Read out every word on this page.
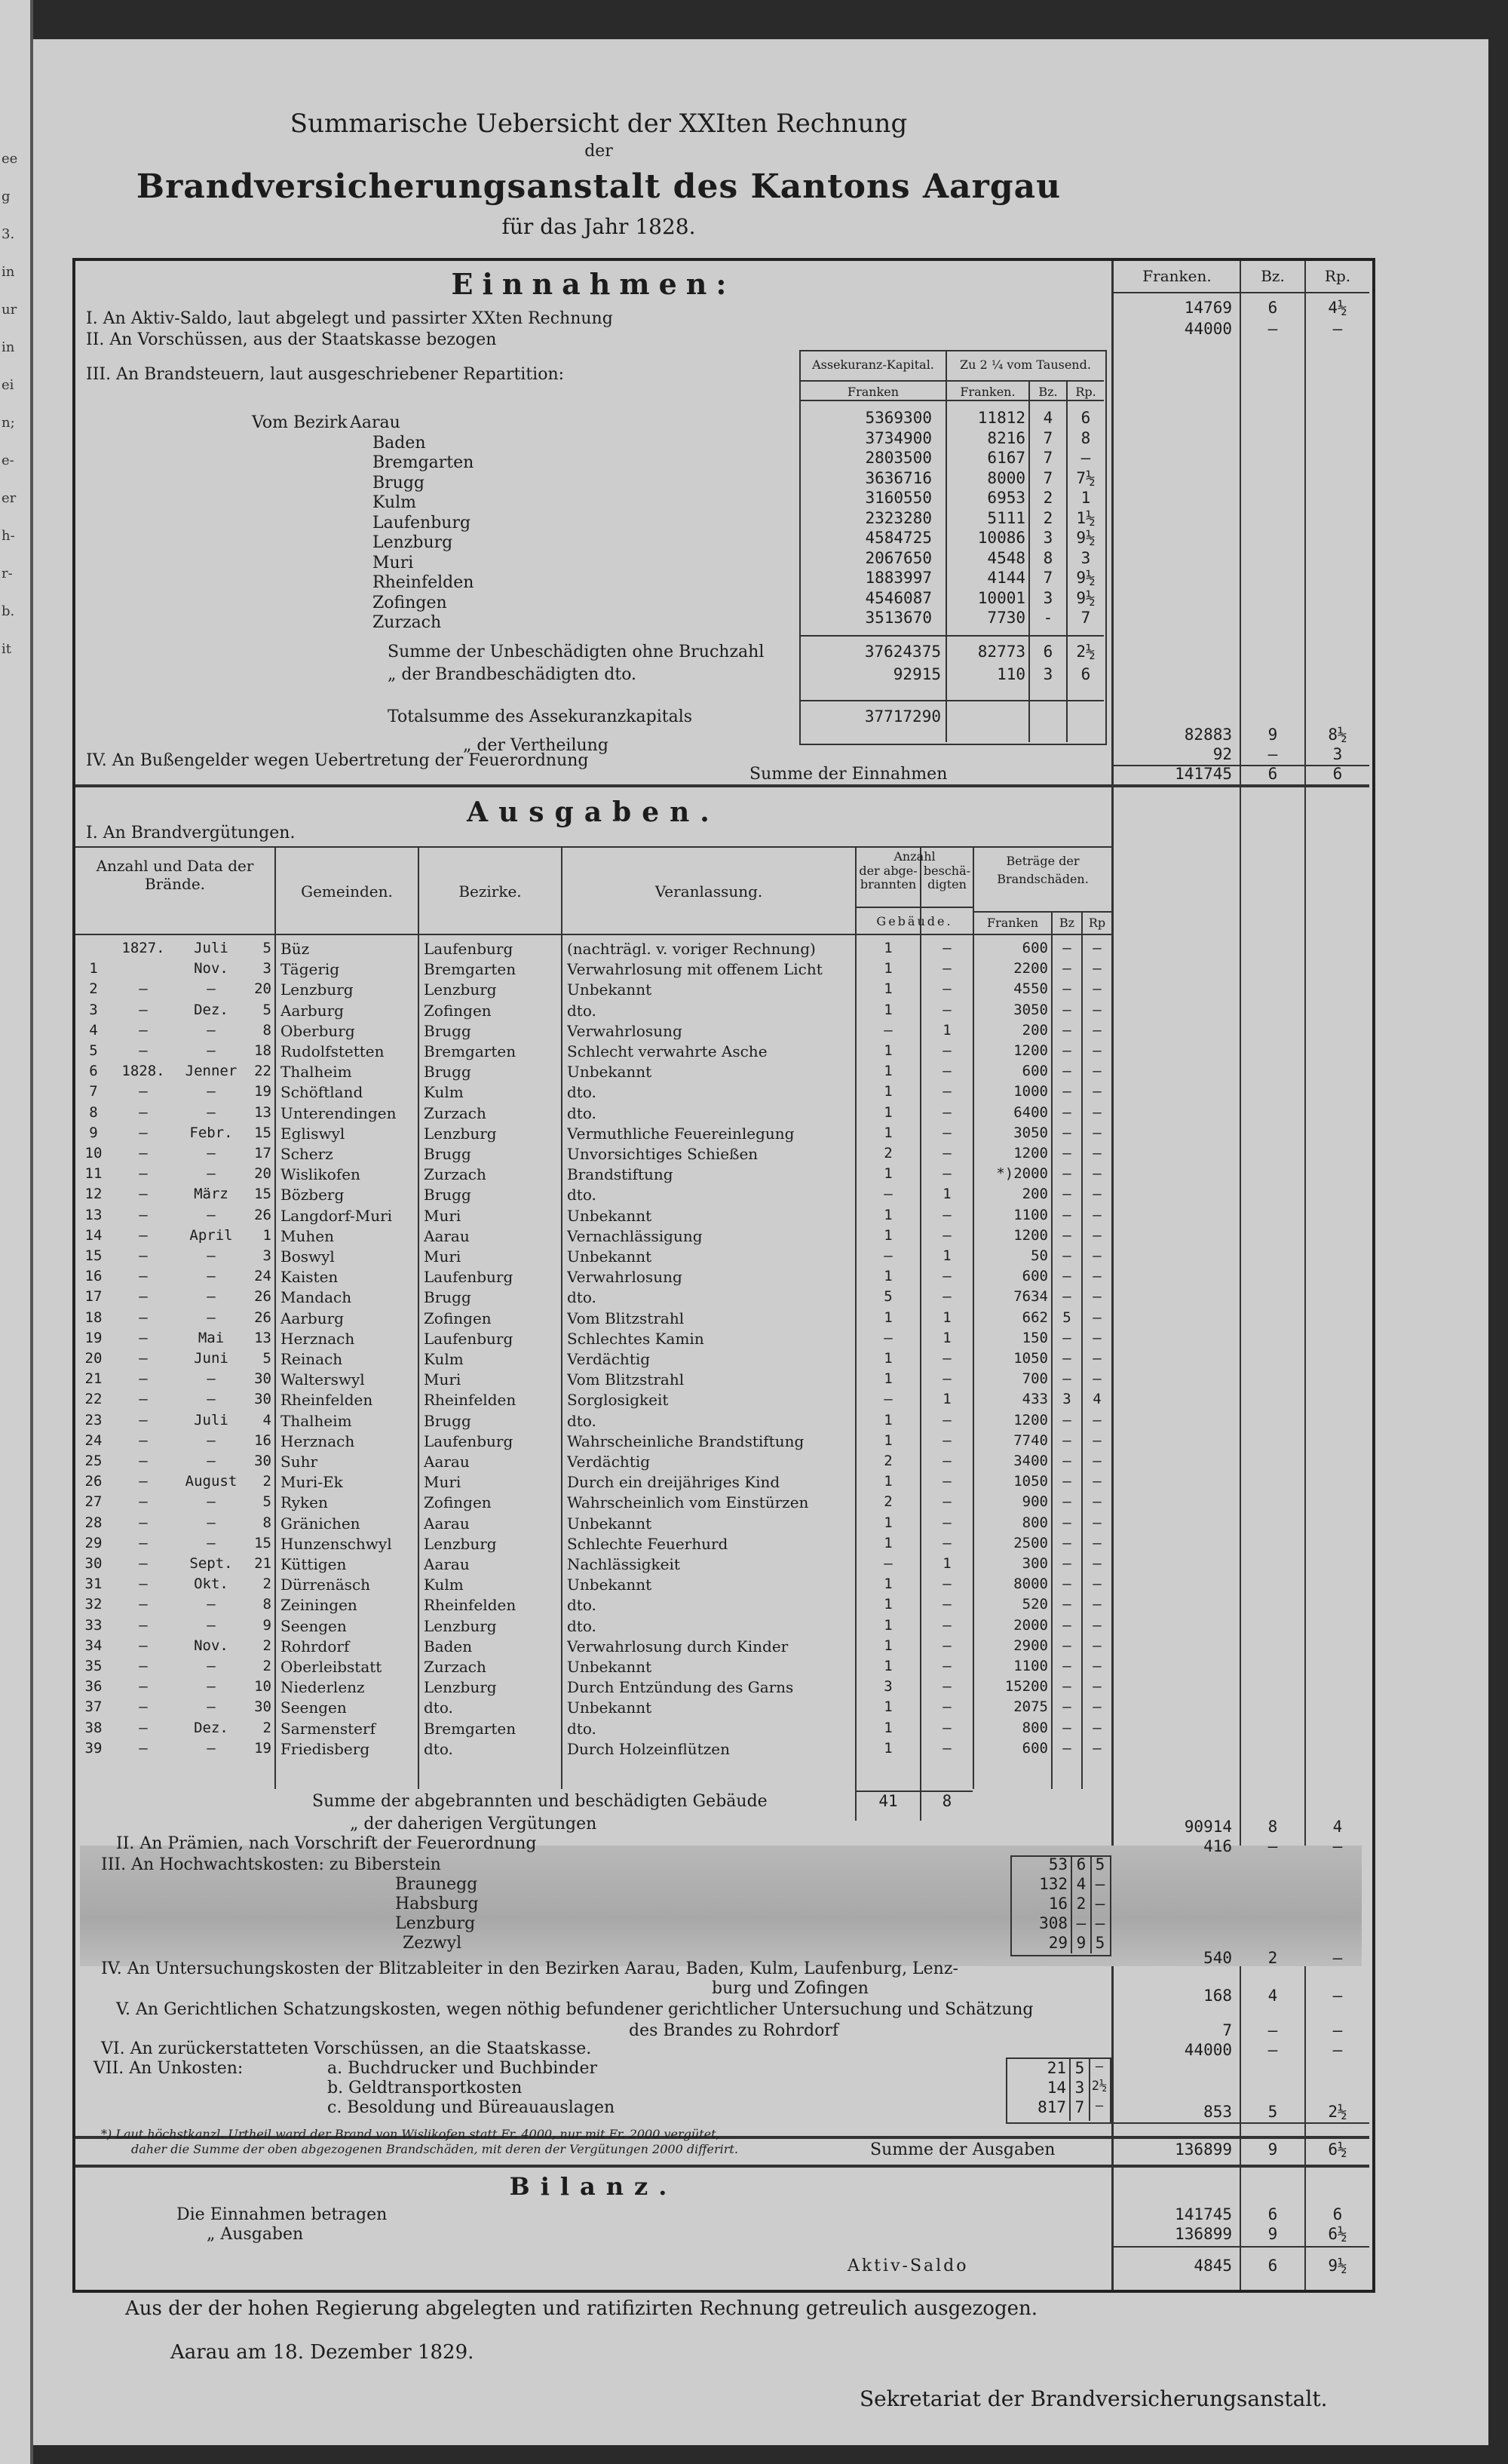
ee
g
3.
in
ur
in
ei
n;
e-
er
h-
r-
b.
it
Summarische Uebersicht der XXIten Rechnung
der
Brandversicherungsanstalt des Kantons Aargau
für das Jahr 1828.
Franken.	Bz.	Rp.
Einnahmen:
I. An Aktiv-Saldo, laut abgelegt und passirter XXten Rechnung
14769	6	4½
II. An Vorschüssen, aus der Staatskasse bezogen
44000	—	—
III. An Brandsteuern, laut ausgeschriebener Repartition:
Assekuranz-Kapital.	Zu 2 ¼ vom Tausend.
Franken	Franken.	Bz.	Rp.
Vom Bezirk Aarau	5369300	11812	4	6
Baden	3734900	8216	7	8
Bremgarten	2803500	6167	7	—
Brugg	3636716	8000	7	7½
Kulm	3160550	6953	2	1
Laufenburg	2323280	5111	2	1½
Lenzburg	4584725	10086	3	9½
Muri	2067650	4548	8	3
Rheinfelden	1883997	4144	7	9½
Zofingen	4546087	10001	3	9½
Zurzach	3513670	7730	-	7
Summe der Unbeschädigten ohne Bruchzahl	37624375	82773	6	2½
„ der Brandbeschädigten dto.	92915	110	3	6
Totalsumme des Assekuranzkapitals	37717290
„ der Vertheilung
82883	9	8½
IV. An Bußengelder wegen Uebertretung der Feuerordnung	92	—	3
Summe der Einnahmen	141745	6	6
Ausgaben.
I. An Brandvergütungen.
Anzahl und Data der Brände.	Gemeinden.	Bezirke.	Veranlassung.
Anzahl
der abge-brannten
beschä-digten
Gebäude.
Beträge der Brandschäden.
Franken	Bz	Rp
1827.	Juli	5 Büz	Laufenburg	(nachträgl. v. voriger Rechnung)	1	—	600	—	—
1	Nov.	3 Tägerig	Bremgarten	Verwahrlosung mit offenem Licht	1	—	2200	—	—
2	—	—	20 Lenzburg	Lenzburg	Unbekannt	1	—	4550	—	—
3	—	Dez.	5 Aarburg	Zofingen	dto.	1	—	3050	—	—
4	—	—	8 Oberburg	Brugg	Verwahrlosung	—	1	200	—	—
5	—	—	18 Rudolfstetten	Bremgarten	Schlecht verwahrte Asche	1	—	1200	—	—
6	1828.	Jenner	22 Thalheim	Brugg	Unbekannt	1	—	600	—	—
7	—	—	19 Schöftland	Kulm	dto.	1	—	1000	—	—
8	—	—	13 Unterendingen	Zurzach	dto.	1	—	6400	—	—
9	—	Febr.	15 Egliswyl	Lenzburg	Vermuthliche Feuereinlegung	1	—	3050	—	—
10	—	—	17 Scherz	Brugg	Unvorsichtiges Schießen	2	—	1200	—	—
11	—	—	20 Wislikofen	Zurzach	Brandstiftung	1	—	*)2000	—	—
12	—	März	15 Bözberg	Brugg	dto.	—	1	200	—	—
13	—	—	26 Langdorf-Muri	Muri	Unbekannt	1	—	1100	—	—
14	—	April	1 Muhen	Aarau	Vernachlässigung	1	—	1200	—	—
15	—	—	3 Boswyl	Muri	Unbekannt	—	1	50	—	—
16	—	—	24 Kaisten	Laufenburg	Verwahrlosung	1	—	600	—	—
17	—	—	26 Mandach	Brugg	dto.	5	—	7634	—	—
18	—	—	26 Aarburg	Zofingen	Vom Blitzstrahl	1	1	662	5	—
19	—	Mai	13 Herznach	Laufenburg	Schlechtes Kamin	—	1	150	—	—
20	—	Juni	5 Reinach	Kulm	Verdächtig	1	—	1050	—	—
21	—	—	30 Walterswyl	Muri	Vom Blitzstrahl	1	—	700	—	—
22	—	—	30 Rheinfelden	Rheinfelden	Sorglosigkeit	—	1	433	3	4
23	—	Juli	4 Thalheim	Brugg	dto.	1	—	1200	—	—
24	—	—	16 Herznach	Laufenburg	Wahrscheinliche Brandstiftung	1	—	7740	—	—
25	—	—	30 Suhr	Aarau	Verdächtig	2	—	3400	—	—
26	—	August	2 Muri-Ek	Muri	Durch ein dreijähriges Kind	1	—	1050	—	—
27	—	—	5 Ryken	Zofingen	Wahrscheinlich vom Einstürzen	2	—	900	—	—
28	—	—	8 Gränichen	Aarau	Unbekannt	1	—	800	—	—
29	—	—	15 Hunzenschwyl	Lenzburg	Schlechte Feuerhurd	1	—	2500	—	—
30	—	Sept.	21 Küttigen	Aarau	Nachlässigkeit	—	1	300	—	—
31	—	Okt.	2 Dürrenäsch	Kulm	Unbekannt	1	—	8000	—	—
32	—	—	8 Zeiningen	Rheinfelden	dto.	1	—	520	—	—
33	—	—	9 Seengen	Lenzburg	dto.	1	—	2000	—	—
34	—	Nov.	2 Rohrdorf	Baden	Verwahrlosung durch Kinder	1	—	2900	—	—
35	—	—	2 Oberleibstatt	Zurzach	Unbekannt	1	—	1100	—	—
36	—	—	10 Niederlenz	Lenzburg	Durch Entzündung des Garns	3	—	15200	—	—
37	—	—	30 Seengen	dto.	Unbekannt	1	—	2075	—	—
38	—	Dez.	2 Sarmensterf	Bremgarten	dto.	1	—	800	—	—
39	—	—	19 Friedisberg	dto.	Durch Holzeinflützen	1	—	600	—	—
Summe der abgebrannten und beschädigten Gebäude	41	8
„ der daherigen Vergütungen	90914	8	4
II. An Prämien, nach Vorschrift der Feuerordnung	416	—	—
III. An Hochwachtskosten: zu Biberstein	53 6 5
Braunegg	132 4 —
Habsburg	16 2 —
Lenzburg	308 — —
Zezwyl	29 9 5
IV. An Untersuchungskosten der Blitzableiter in den Bezirken Aarau, Baden, Kulm, Laufenburg, Lenz-
burg und Zofingen
540	2	—
V. An Gerichtlichen Schatzungskosten, wegen nöthig befundener gerichtlicher Untersuchung und Schätzung
des Brandes zu Rohrdorf
168	4	—
7	—	—
VI. An zurückerstatteten Vorschüssen, an die Staatskasse.	44000	—	—
VII. An Unkosten:	a. Buchdrucker und Buchbinder	21 5 —
b. Geldtransportkosten	14 3 2½
c. Besoldung und Büreauauslagen	817 7 —	853	5	2½
*) Laut höchstkanzl. Urtheil ward der Brand von Wislikofen statt Fr. 4000, nur mit Fr. 2000 vergütet,
daher die Summe der oben abgezogenen Brandschäden, mit deren der Vergütungen 2000 differirt.	Summe der Ausgaben	136899	9	6½
Bilanz.
Die Einnahmen betragen	141745	6	6
„ Ausgaben	136899	9	6½
Aktiv-Saldo	4845	6	9½
Aus der der hohen Regierung abgelegten und ratifizirten Rechnung getreulich ausgezogen.
Aarau am 18. Dezember 1829.
Sekretariat der Brandversicherungsanstalt.
